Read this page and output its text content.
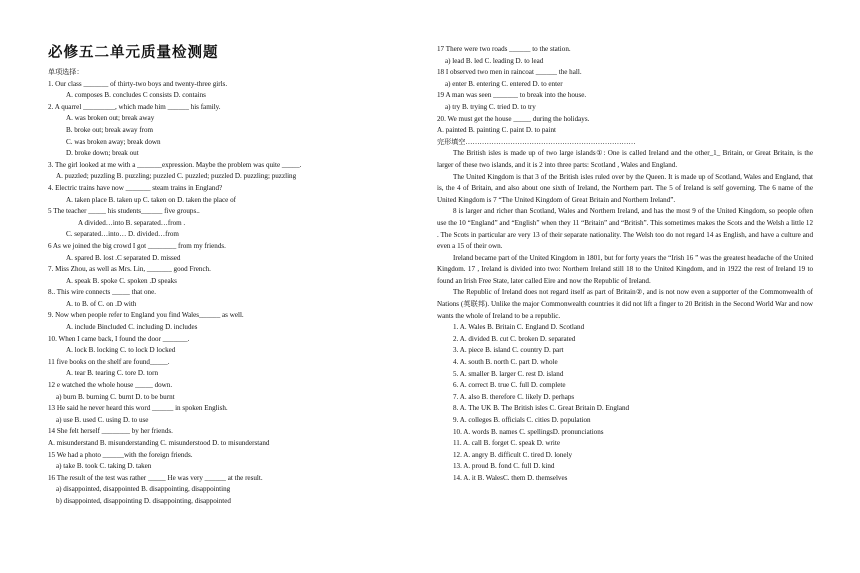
必修五二单元质量检测题
单项选择：
1. Our class _______ of thirty-two boys and twenty-three girls.
A. composes B. concludes C consists D. contains
2. A quarrel _________, which made him ______ his family.
A. was broken out; break away
B. broke out; break away from
C. was broken away; break down
D. broke down; break out
3. The girl looked at me with a _______expression. Maybe the problem was quite _____.
A. puzzled; puzzling B. puzzling; puzzled C. puzzled; puzzled D. puzzling; puzzling
4. Electric trains have now _______ steam trains in England?
A. taken place B. taken up C. taken on D. taken the place of
5 The teacher _____ his students______ five groups..
A divided…into B. separated…from .
C. separated…into… D. divided…from
6 As we joined the big crowd I got ________ from my friends.
A. spared B. lost .C separated D. missed
7. Miss Zhou, as well as Mrs. Lin, _______ good French.
A. speak B. spoke C. spoken .D speaks
8.. This wire connects _____ that one.
A. to B. of C. on .D with
9. Now when people refer to England you find Wales______ as well.
A. include Bincluded C. including D. includes
10. When I came back, I found the door _______.
A. lock B. locking C. to lock D locked
11 five books on the shelf are found_____.
A. tear B. tearing C. tore D. torn
12 e watched the whole house _____ down.
a) burn B. burning C. burnt D. to be burnt
13 He said he never heard this word ______ in spoken English.
a) use B. used C. using D. to use
14 She felt herself ________ by her friends.
A. misunderstand B. misunderstanding C. misunderstood D. to misunderstand
15 We had a photo ______with the foreign friends.
a) take B. took C. taking D. taken
16 The result of the test was rather _____ He was very ______ at the result.
a) disappointed, disappointed B. disappointing, disappointing
b) disappointed, disappointing D. disappointing, disappointed
17 There were two roads ______ to the station.
a) lead B. led C. leading D. to lead
18 I observed two men in raincoat ______ the hall.
a) enter B. entering C. entered D. to enter
19 A man was seen _______ to break into the house.
a) try B. trying C. tried D. to try
20. We must get the house _____ during the holidays.
A. painted B. painting C. paint D. to paint
完形填空………………………………………………………………

The British isles is made up of two large islands①: One is called Ireland and the other_1_ Britain, or Great Britain, is the larger of these two islands, and it is 2 into three parts: Scotland , Wales and England.

The United Kingdom is that 3 of the British isles ruled over by the Queen. It is made up of Scotland, Wales and England, that is, the 4 of Britain, and also about one sixth of Ireland, the Northern part. The 5 of Ireland is self governing. The 6 name of the United Kingdom is 7 “The United Kingdom of Great Britain and Northern Ireland”.

8 is larger and richer than Scotland, Wales and Northern Ireland, and has the most 9 of the United Kingdom, so people often use the 10 “England” and “English” when they 11 “Britain” and “British”. This sometimes makes the Scots and the Welsh a little 12 . The Scots in particular are very 13 of their separate nationality. The Welsh too do not regard 14 as English, and have a culture and even a 15 of their own.

Ireland became part of the United Kingdom in 1801, but for forty years the “Irish 16 ” was the greatest headache of the United Kingdom. 17 , Ireland is divided into two: Northern Ireland still 18 to the United Kingdom, and in 1922 the rest of Ireland 19 to found an Irish Free State, later called Eire and now the Republic of Ireland.

The Republic of Ireland does not regard itself as part of Britain②, and is not now even a supporter of the Commonwealth of Nations (英联邦). Unlike the major Commonwealth countries it did not lift a finger to 20 British in the Second World War and now wants the whole of Ireland to be a republic.

1. A. Wales B. Britain C. England D. Scotland
2. A. divided B. cut C. broken D. separated
3. A. piece B. island C. country D. part
4. A. south B. north C. part D. whole
5. A. smaller B. larger C. rest D. island
6. A. correct B. true C. full D. complete
7. A. also B. therefore C. likely D. perhaps
8. A. The UK B. The British isles C. Great Britain D. England
9. A. colleges B. officials C. cities D. population
10. A. words B. names C. spellingsD. pronunciations
11. A. call B. forget C. speak D. write
12. A. angry B. difficult C. tired D. lonely
13. A. proud B. fond C. full D. kind
14. A. it B. WalesC. them D. themselves
